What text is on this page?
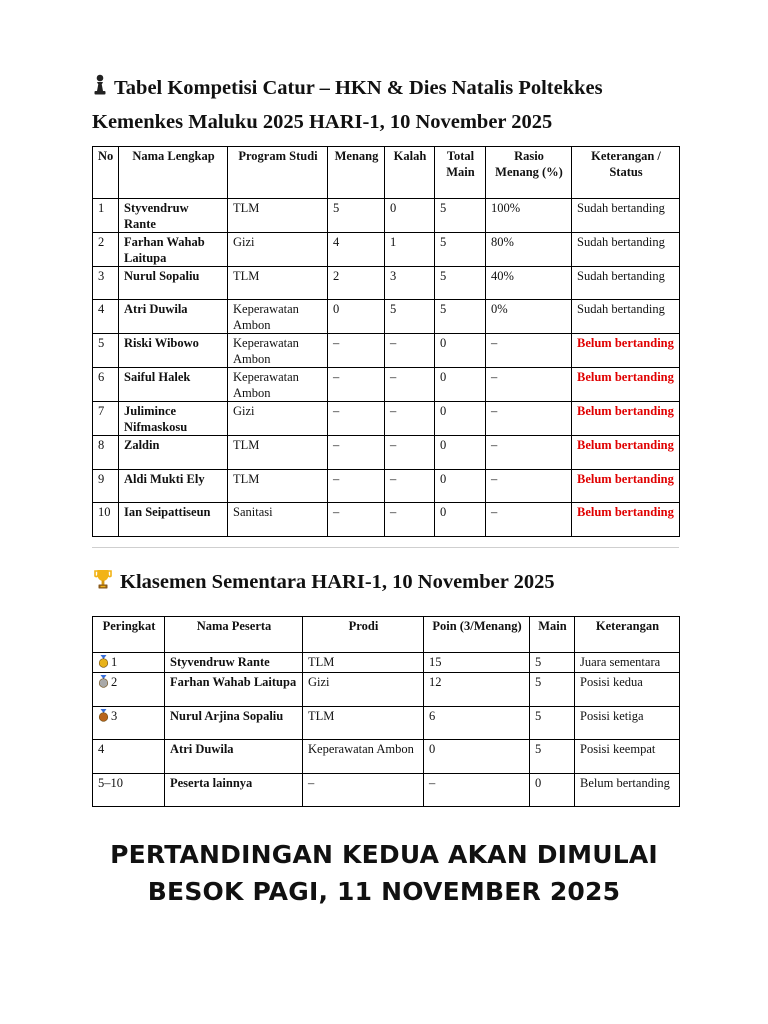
Tabel Kompetisi Catur – HKN & Dies Natalis Poltekkes
Kemenkes Maluku 2025 HARI-1, 10 November 2025
No	Nama Lengkap	Program Studi	Menang	Kalah	Total Main	Rasio Menang (%)	Keterangan / Status
1	Styvendruw Rante	TLM	5	0	5	100%	Sudah bertanding
2	Farhan Wahab Laitupa	Gizi	4	1	5	80%	Sudah bertanding
3	Nurul Sopaliu	TLM	2	3	5	40%	Sudah bertanding
4	Atri Duwila	Keperawatan Ambon	0	5	5	0%	Sudah bertanding
5	Riski Wibowo	Keperawatan Ambon	–	–	0	–	Belum bertanding
6	Saiful Halek	Keperawatan Ambon	–	–	0	–	Belum bertanding
7	Julimince Nifmaskosu	Gizi	–	–	0	–	Belum bertanding
8	Zaldin	TLM	–	–	0	–	Belum bertanding
9	Aldi Mukti Ely	TLM	–	–	0	–	Belum bertanding
10	Ian Seipattiseun	Sanitasi	–	–	0	–	Belum bertanding
Klasemen Sementara HARI-1, 10 November 2025
Peringkat	Nama Peserta	Prodi	Poin (3/Menang)	Main	Keterangan
1	Styvendruw Rante	TLM	15	5	Juara sementara
2	Farhan Wahab Laitupa	Gizi	12	5	Posisi kedua
3	Nurul Arjina Sopaliu	TLM	6	5	Posisi ketiga
4	Atri Duwila	Keperawatan Ambon	0	5	Posisi keempat
5–10	Peserta lainnya	–	–	0	Belum bertanding
PERTANDINGAN KEDUA AKAN DIMULAI
BESOK PAGI, 11 NOVEMBER 2025
